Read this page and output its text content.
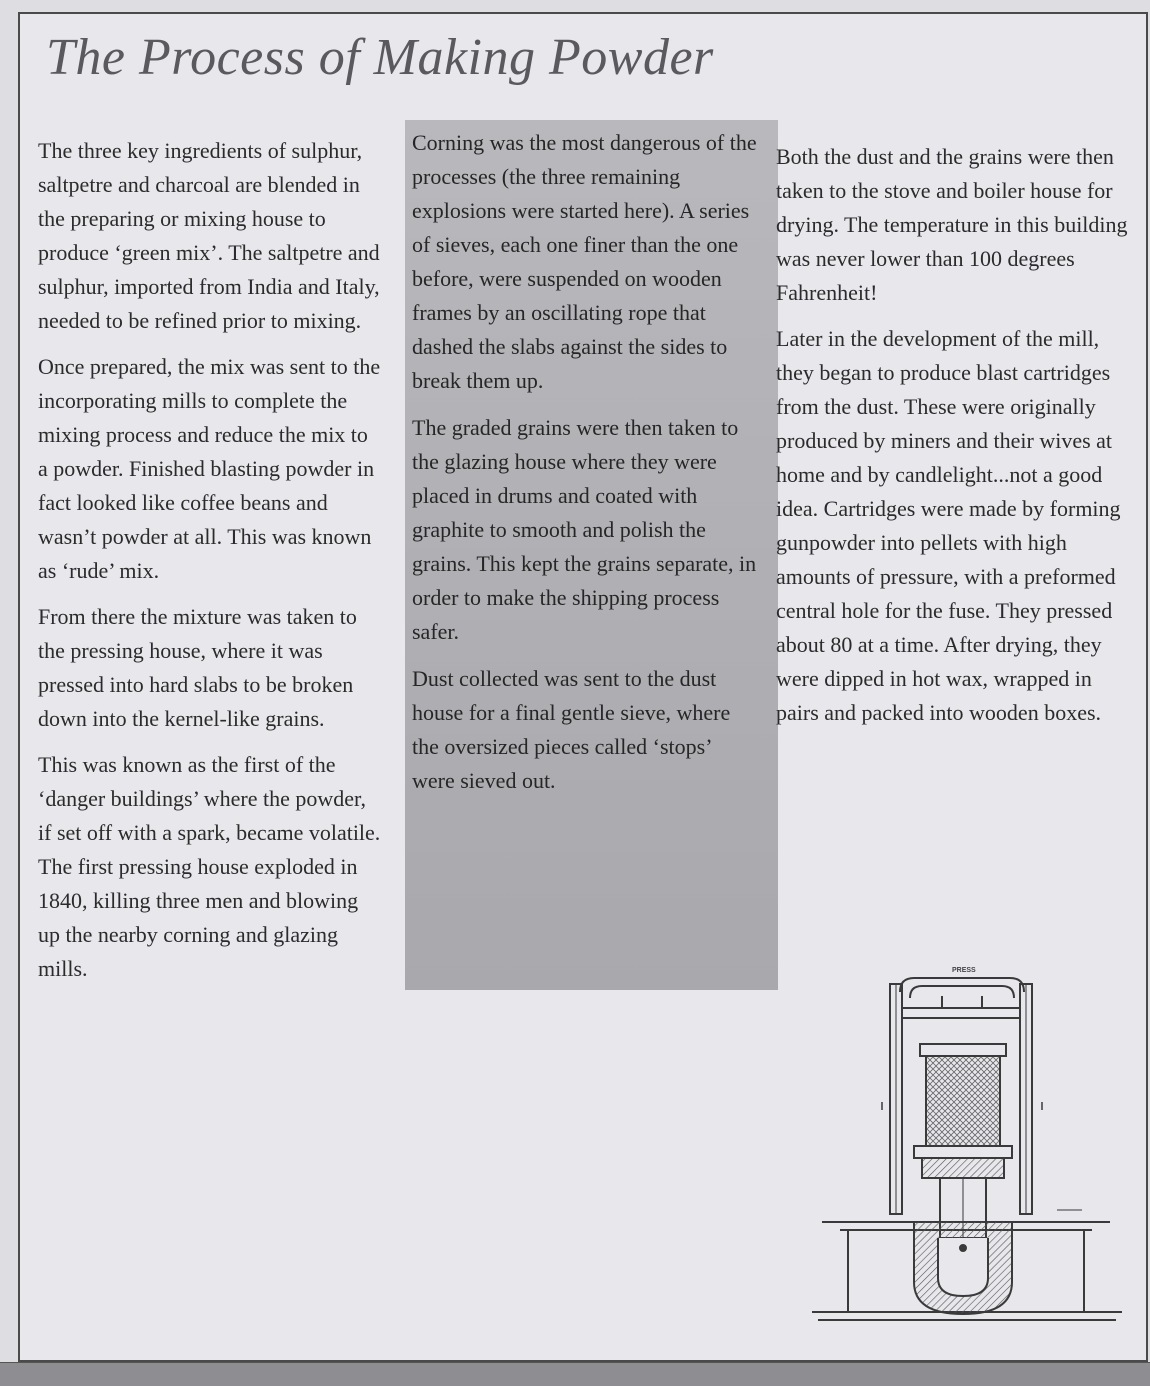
The Process of Making Powder

The three key ingredients of sulphur, saltpetre and charcoal are blended in the preparing or mixing house to produce ‘green mix’. The saltpetre and sulphur, imported from India and Italy, needed to be refined prior to mixing.

Once prepared, the mix was sent to the incorporating mills to complete the mixing process and reduce the mix to a powder. Finished blasting powder in fact looked like coffee beans and wasn’t powder at all. This was known as ‘rude’ mix.

From there the mixture was taken to the pressing house, where it was pressed into hard slabs to be broken down into the kernel-like grains.

This was known as the first of the ‘danger buildings’ where the powder, if set off with a spark, became volatile. The first pressing house exploded in 1840, killing three men and blowing up the nearby corning and glazing mills.

Corning was the most dangerous of the processes (the three remaining explosions were started here). A series of sieves, each one finer than the one before, were suspended on wooden frames by an oscillating rope that dashed the slabs against the sides to break them up.

The graded grains were then taken to the glazing house where they were placed in drums and coated with graphite to smooth and polish the grains. This kept the grains separate, in order to make the shipping process safer.

Dust collected was sent to the dust house for a final gentle sieve, where the oversized pieces called ‘stops’ were sieved out.

Both the dust and the grains were then taken to the stove and boiler house for drying. The temperature in this building was never lower than 100 degrees Fahrenheit!

Later in the development of the mill, they began to produce blast cartridges from the dust. These were originally produced by miners and their wives at home and by candlelight...not a good idea. Cartridges were made by forming gunpowder into pellets with high amounts of pressure, with a preformed central hole for the fuse. They pressed about 80 at a time. After drying, they were dipped in hot wax, wrapped in pairs and packed into wooden boxes.

PRESS
